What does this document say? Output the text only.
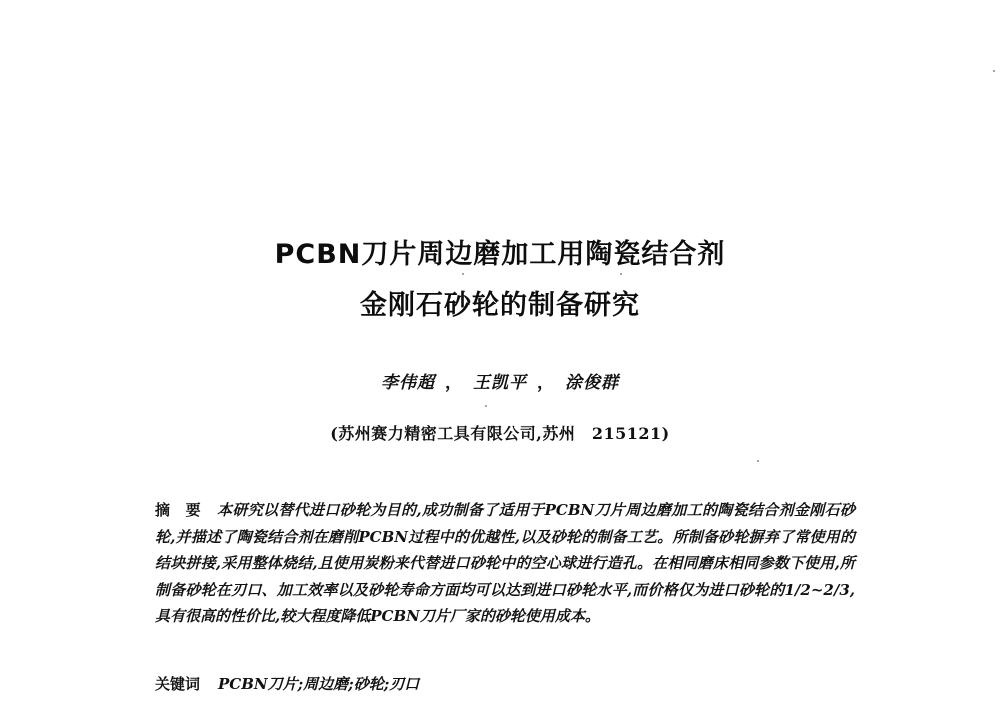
PCBN刀片周边磨加工用陶瓷结合剂
金刚石砂轮的制备研究
李伟超 ， 王凯平 ， 涂俊群
(苏州赛力精密工具有限公司,苏州　215121)
摘　要 本研究以替代进口砂轮为目的,成功制备了适用于PCBN刀片周边磨加工的陶瓷结合剂金刚石砂轮,并描述了陶瓷结合剂在磨削PCBN过程中的优越性,以及砂轮的制备工艺。所制备砂轮摒弃了常使用的结块拼接,采用整体烧结,且使用炭粉来代替进口砂轮中的空心球进行造孔。在相同磨床相同参数下使用,所制备砂轮在刃口、加工效率以及砂轮寿命方面均可以达到进口砂轮水平,而价格仅为进口砂轮的1/2~2/3,具有很高的性价比,较大程度降低PCBN刀片厂家的砂轮使用成本。
关键词 PCBN刀片;周边磨;砂轮;刃口
